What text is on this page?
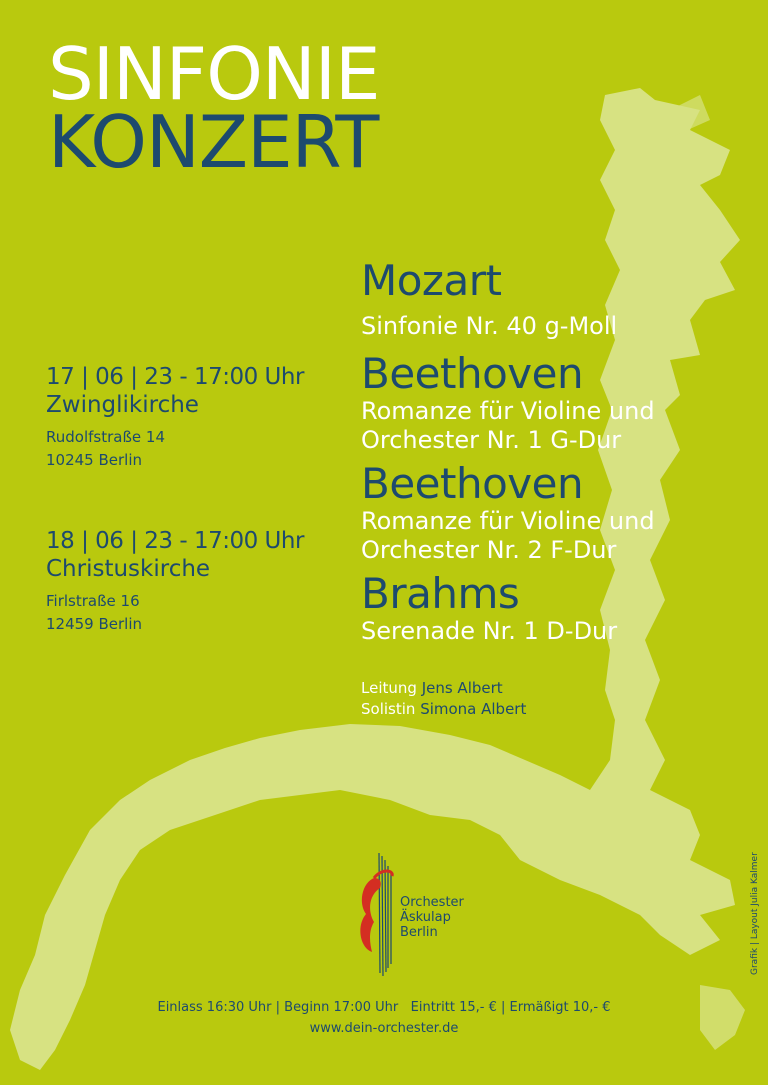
SINFONIE
KONZERT
17 | 06 | 23 - 17:00 Uhr
Zwinglikirche
Rudolfstraße 14
10245 Berlin
18 | 06 | 23 - 17:00 Uhr
Christuskirche
Firlstraße 16
12459 Berlin
Mozart
Sinfonie Nr. 40 g-Moll
Beethoven
Romanze für Violine und
Orchester Nr. 1 G-Dur
Beethoven
Romanze für Violine und
Orchester Nr. 2 F-Dur
Brahms
Serenade Nr. 1 D-Dur
Leitung Jens Albert
Solistin Simona Albert
Orchester
Äskulap
Berlin
Einlass 16:30 Uhr | Beginn 17:00 Uhr   Eintritt 15,- € | Ermäßigt 10,- €
www.dein-orchester.de
Grafik | Layout Julia Kalmer
